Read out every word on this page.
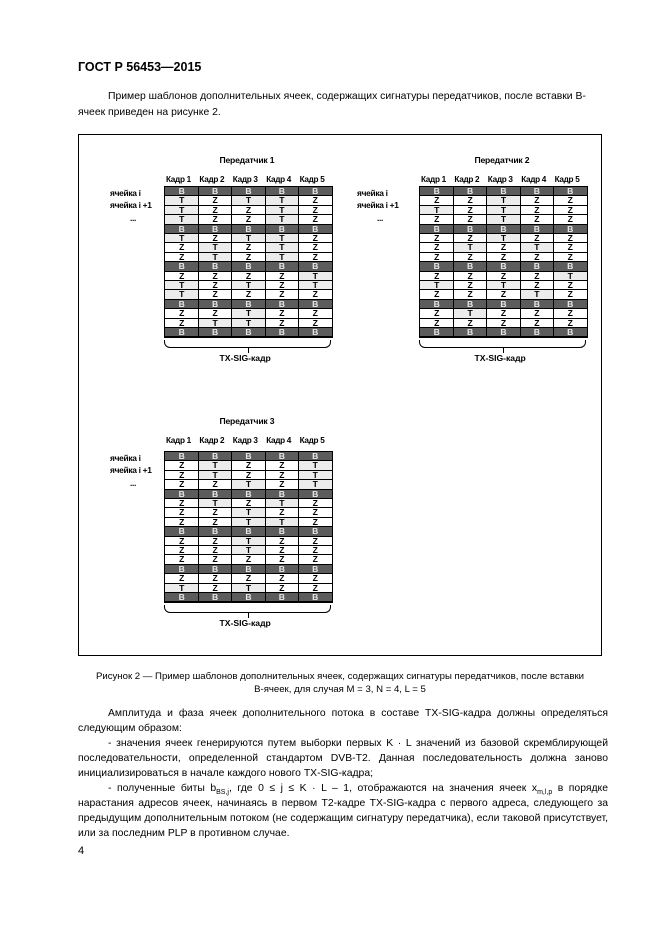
ГОСТ Р 56453—2015
Пример шаблонов дополнительных ячеек, содержащих сигнатуры передатчиков, после вставки B-ячеек приведен на рисунке 2.
Передатчик 1
Кадр 1 Кадр 2 Кадр 3 Кадр 4 Кадр 5
ячейка i
ячейка i +1
...
B	B	B	B	B
T	Z	T	T	Z
T	Z	Z	T	Z
T	Z	Z	T	Z
B	B	B	B	B
T	Z	T	T	Z
Z	T	Z	T	Z
Z	T	Z	T	Z
B	B	B	B	B
Z	Z	Z	Z	T
T	Z	T	Z	T
T	Z	Z	Z	Z
B	B	B	B	B
Z	Z	T	Z	Z
Z	T	T	Z	Z
B	B	B	B	B
TX-SIG-кадр
Передатчик 2
Кадр 1 Кадр 2 Кадр 3 Кадр 4 Кадр 5
ячейка i
ячейка i +1
...
B	B	B	B	B
Z	Z	T	Z	Z
T	Z	T	Z	Z
Z	Z	T	Z	Z
B	B	B	B	B
Z	Z	T	Z	Z
Z	T	Z	T	Z
Z	Z	Z	Z	Z
B	B	B	B	B
Z	Z	Z	Z	T
T	Z	T	Z	Z
Z	Z	Z	T	Z
B	B	B	B	B
Z	T	Z	Z	Z
Z	Z	Z	Z	Z
B	B	B	B	B
TX-SIG-кадр
Передатчик 3
Кадр 1 Кадр 2 Кадр 3 Кадр 4 Кадр 5
ячейка i
ячейка i +1
...
B	B	B	B	B
Z	T	Z	Z	T
Z	T	Z	Z	T
Z	Z	T	Z	T
B	B	B	B	B
Z	T	Z	T	Z
Z	Z	T	Z	Z
Z	Z	T	T	Z
B	B	B	B	B
Z	Z	T	Z	Z
Z	Z	T	Z	Z
Z	Z	Z	Z	Z
B	B	B	B	B
Z	Z	Z	Z	Z
T	Z	T	Z	Z
B	B	B	B	B
TX-SIG-кадр
Рисунок 2 — Пример шаблонов дополнительных ячеек, содержащих сигнатуры передатчиков, после вставки
B-ячеек, для случая M = 3, N = 4, L = 5

Амплитуда и фаза ячеек дополнительного потока в составе TX-SIG-кадра должны определяться следующим образом:

- значения ячеек генерируются путем выборки первых K · L значений из базовой скремблирующей последовательности, определенной стандартом DVB-T2. Данная последовательность должна заново инициализироваться в начале каждого нового TX-SIG-кадра;

- полученные биты $b_{BS,j}$, где 0 ≤ j ≤ K · L – 1, отображаются на значения ячеек $x_{m,l,p}$ в порядке нарастания адресов ячеек, начинаясь в первом T2-кадре TX-SIG-кадра с первого адреса, следующего за предыдущим дополнительным потоком (не содержащим сигнатуру передатчика), если таковой присутствует, или за последним PLP в противном случае.

4
